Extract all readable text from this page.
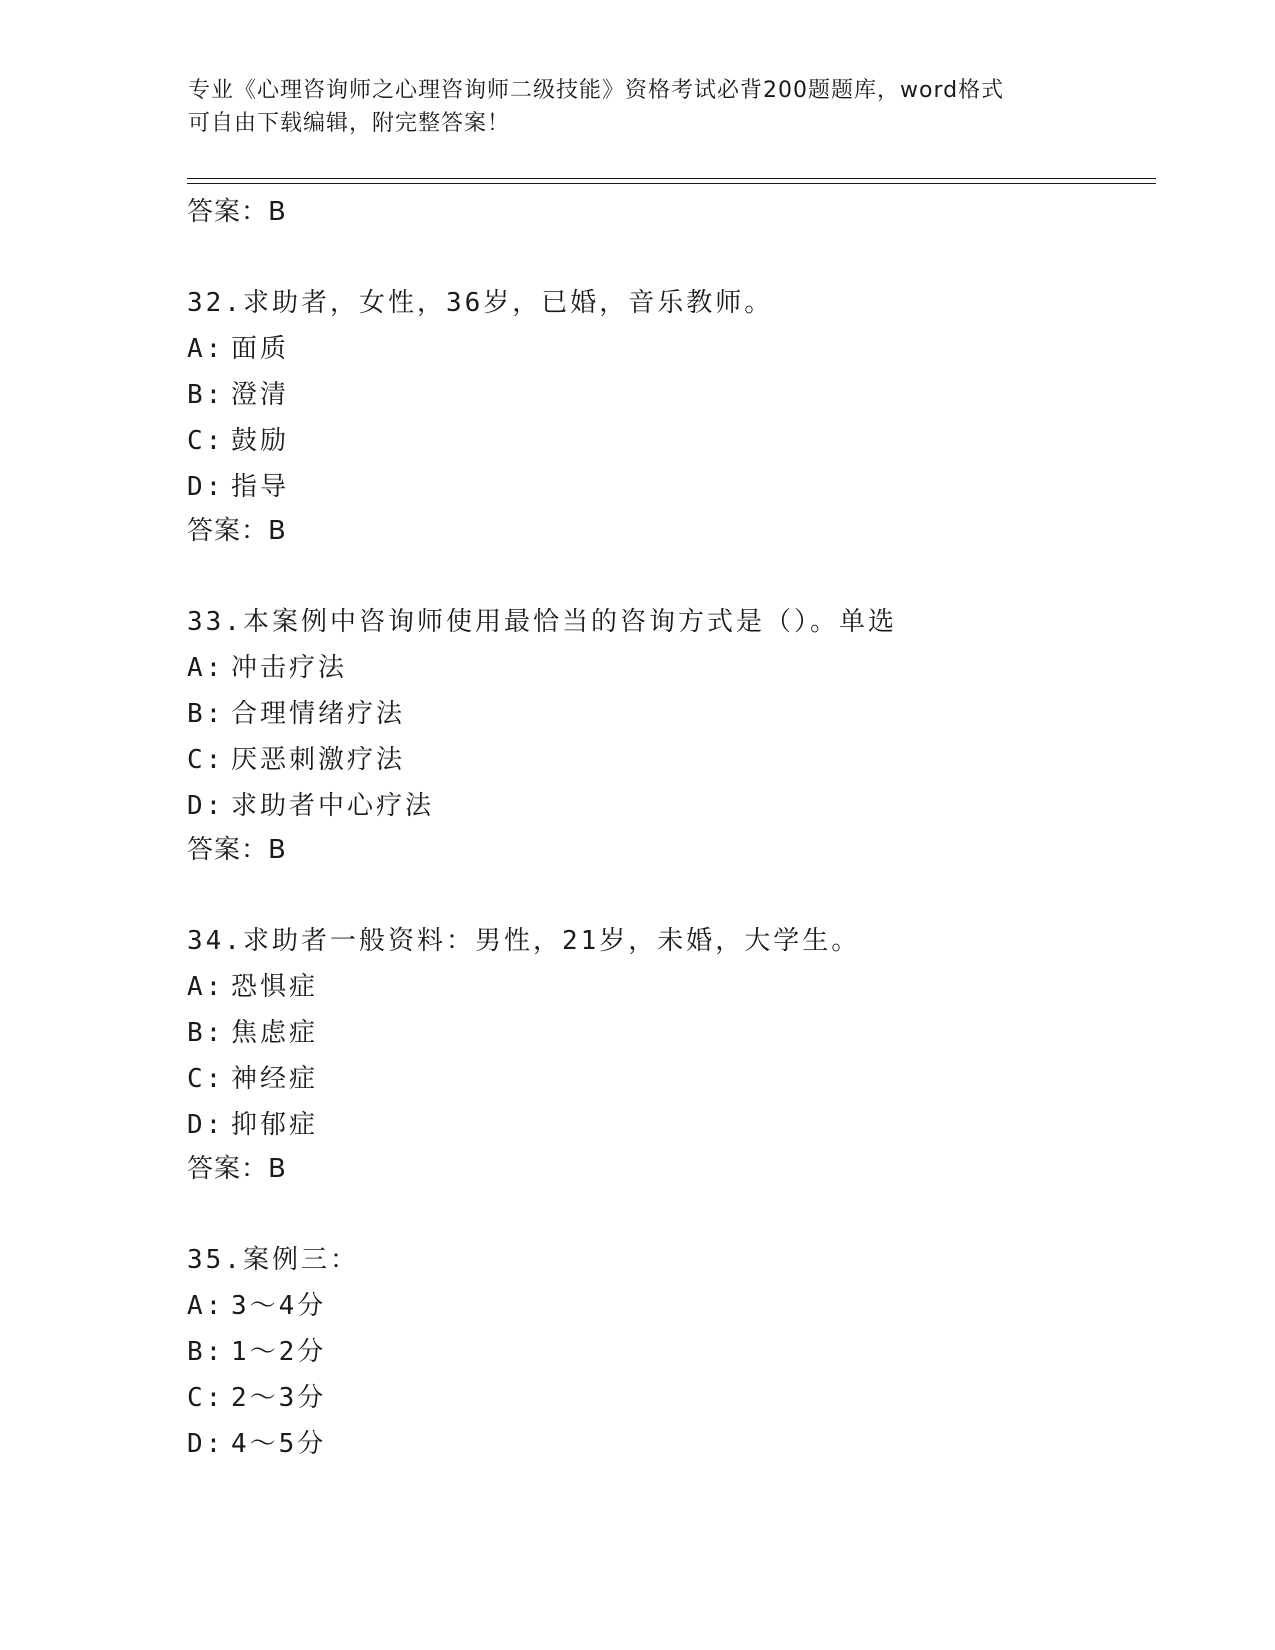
专业《心理咨询师之心理咨询师二级技能》资格考试必背200题题库，word格式
可自由下载编辑，附完整答案！
答案：B
32.求助者，女性，36岁，已婚，音乐教师。
A: 面质
B: 澄清
C: 鼓励
D: 指导
答案：B
33.本案例中咨询师使用最恰当的咨询方式是（）。单选
A: 冲击疗法
B: 合理情绪疗法
C: 厌恶刺激疗法
D: 求助者中心疗法
答案：B
34.求助者一般资料：男性，21岁，未婚，大学生。
A: 恐惧症
B: 焦虑症
C: 神经症
D: 抑郁症
答案：B
35.案例三：
A: 3～4分
B: 1～2分
C: 2～3分
D: 4～5分
